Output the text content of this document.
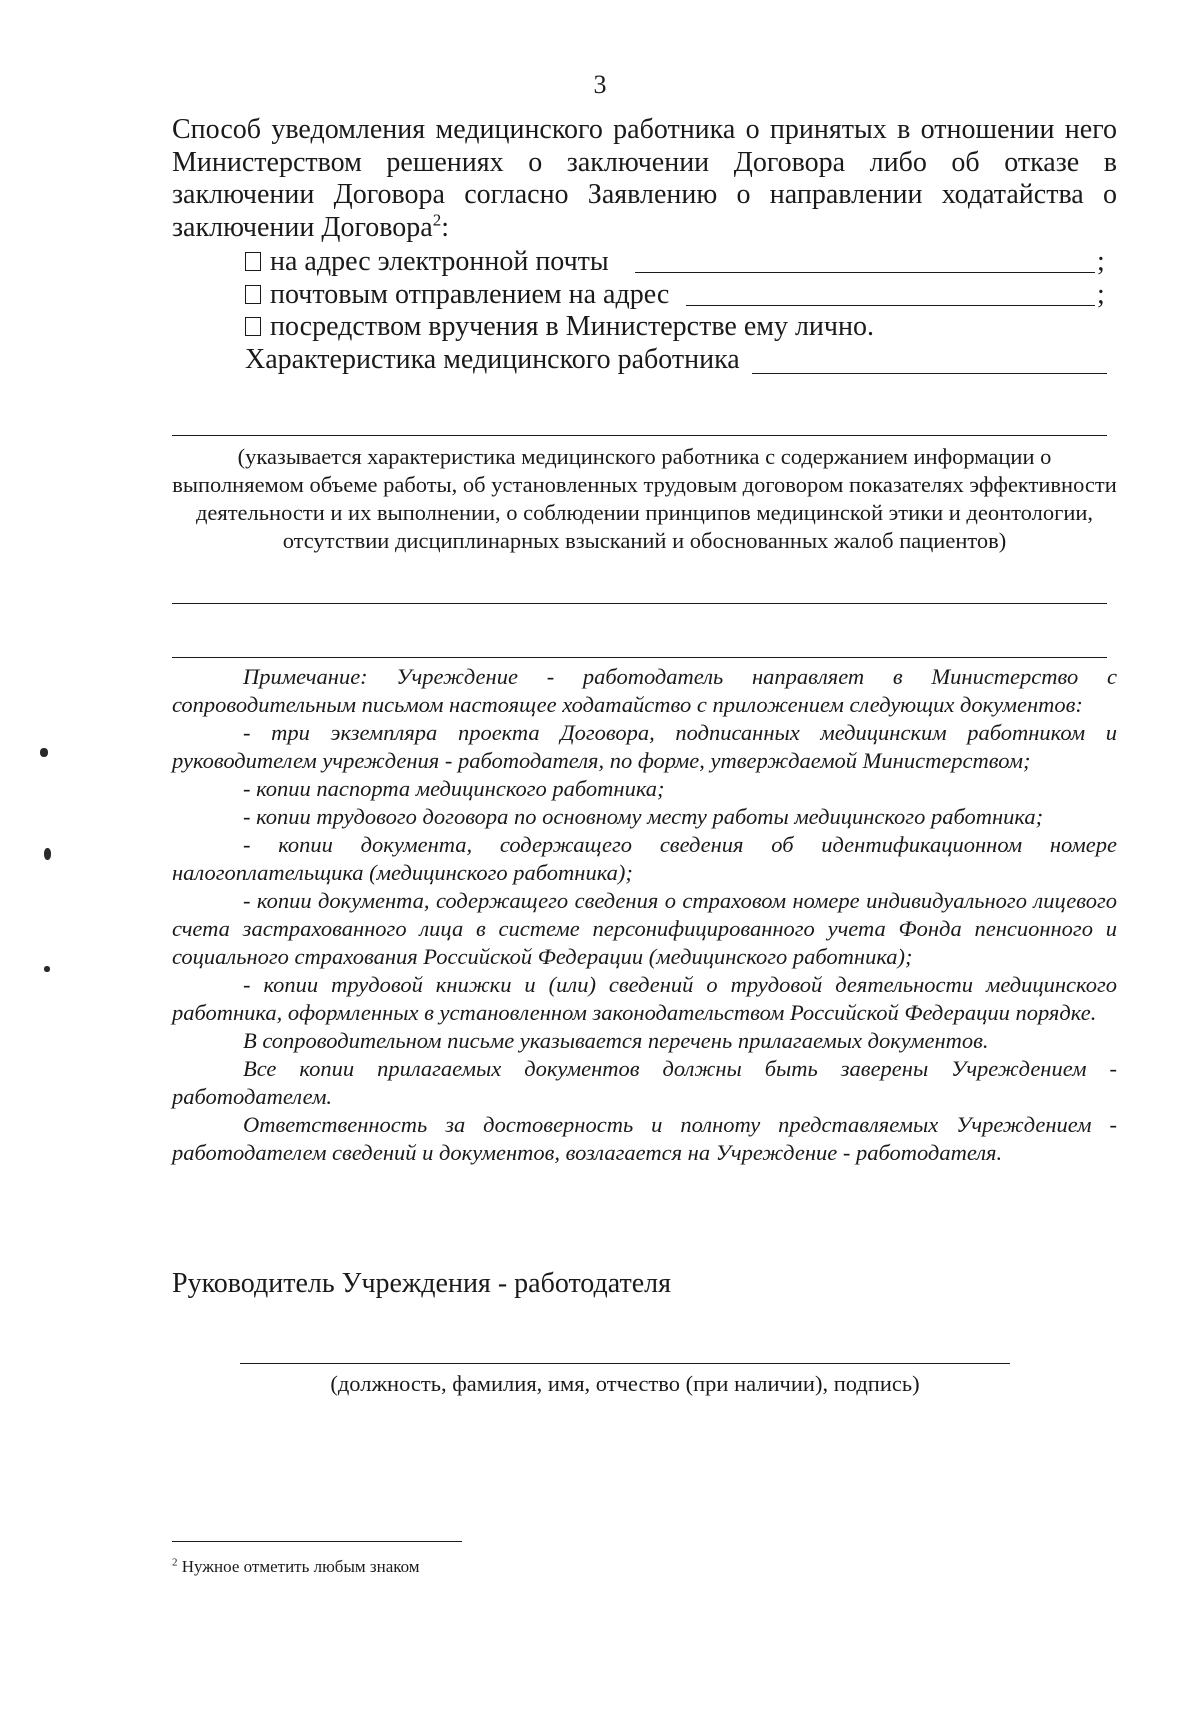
3
Способ уведомления медицинского работника о принятых в отношении него Министерством решениях о заключении Договора либо об отказе в заключении Договора согласно Заявлению о направлении ходатайства о заключении Договора$^2$:
на адрес электронной почты	;
почтовым отправлением на адрес	;
посредством вручения в Министерстве ему лично.
Характеристика медицинского работника
(указывается характеристика медицинского работника с содержанием информации о выполняемом объеме работы, об установленных трудовым договором показателях эффективности деятельности и их выполнении, о соблюдении принципов медицинской этики и деонтологии, отсутствии дисциплинарных взысканий и обоснованных жалоб пациентов)

Примечание: Учреждение - работодатель направляет в Министерство с сопроводительным письмом настоящее ходатайство с приложением следующих документов:

- три экземпляра проекта Договора, подписанных медицинским работником и руководителем учреждения - работодателя, по форме, утверждаемой Министерством;

- копии паспорта медицинского работника;

- копии трудового договора по основному месту работы медицинского работника;

- копии документа, содержащего сведения об идентификационном номере налогоплательщика (медицинского работника);

- копии документа, содержащего сведения о страховом номере индивидуального лицевого счета застрахованного лица в системе персонифицированного учета Фонда пенсионного и социального страхования Российской Федерации (медицинского работника);

- копии трудовой книжки и (или) сведений о трудовой деятельности медицинского работника, оформленных в установленном законодательством Российской Федерации порядке.

В сопроводительном письме указывается перечень прилагаемых документов.

Все копии прилагаемых документов должны быть заверены Учреждением - работодателем.

Ответственность за достоверность и полноту представляемых Учреждением - работодателем сведений и документов, возлагается на Учреждение - работодателя.

Руководитель Учреждения - работодателя
(должность, фамилия, имя, отчество (при наличии), подпись)
$^2$ Нужное отметить любым знаком
